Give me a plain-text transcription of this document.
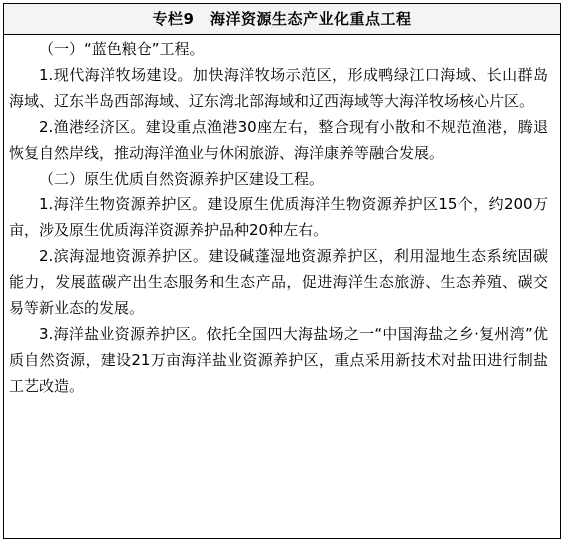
专栏9　海洋资源生态产业化重点工程

（一）“蓝色粮仓”工程。

1.现代海洋牧场建设。加快海洋牧场示范区，形成鸭绿江口海域、长山群岛海域、辽东半岛西部海域、辽东湾北部海域和辽西海域等大海洋牧场核心片区。

2.渔港经济区。建设重点渔港30座左右，整合现有小散和不规范渔港，腾退恢复自然岸线，推动海洋渔业与休闲旅游、海洋康养等融合发展。

（二）原生优质自然资源养护区建设工程。

1.海洋生物资源养护区。建设原生优质海洋生物资源养护区15个，约200万亩，涉及原生优质海洋资源养护品种20种左右。

2.滨海湿地资源养护区。建设碱蓬湿地资源养护区，利用湿地生态系统固碳能力，发展蓝碳产出生态服务和生态产品，促进海洋生态旅游、生态养殖、碳交易等新业态的发展。

3.海洋盐业资源养护区。依托全国四大海盐场之一“中国海盐之乡·复州湾”优质自然资源，建设21万亩海洋盐业资源养护区，重点采用新技术对盐田进行制盐工艺改造。
